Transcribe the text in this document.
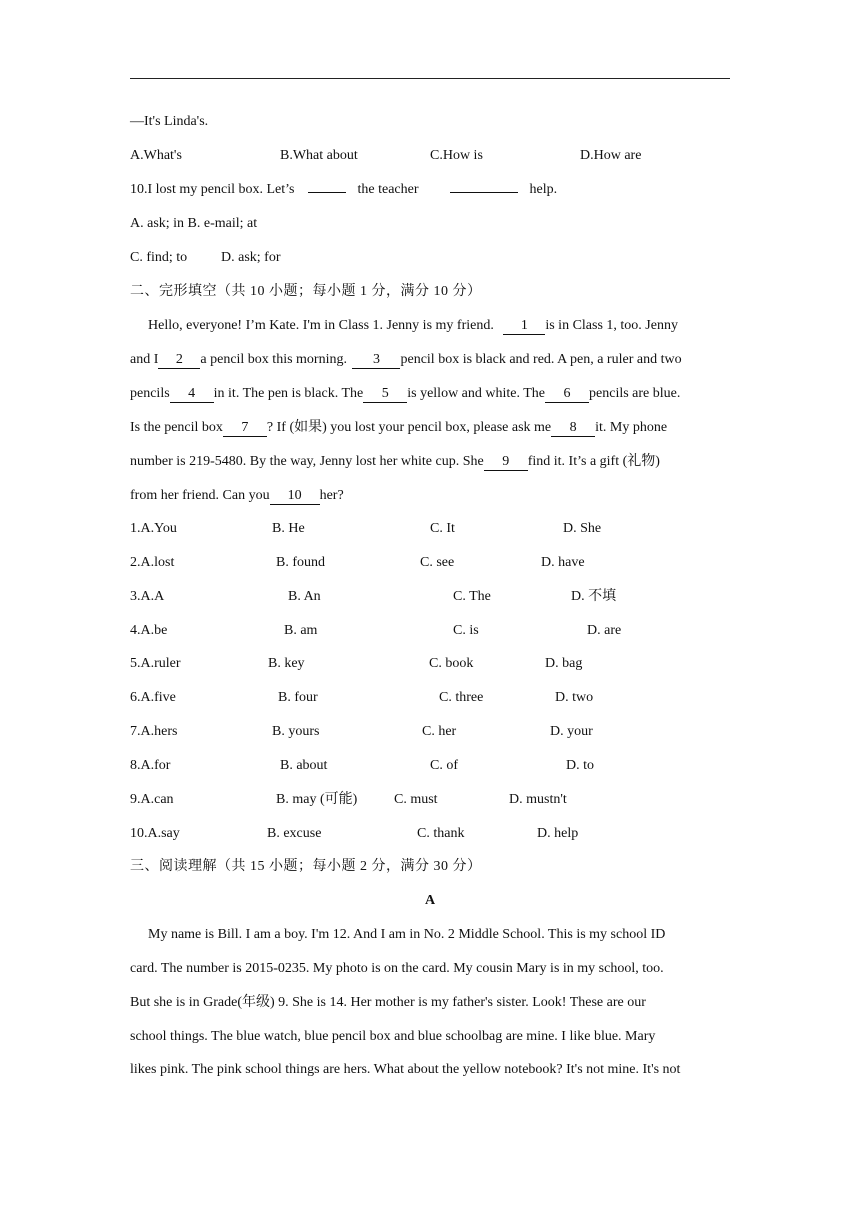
—It's Linda's.
A.What's	B.What about	C.How is	D.How are
10.I lost my pencil box. Let’s	the teacher	help.
A. ask; in B. e-mail; at
C. find; to D. ask; for
二、完形填空（共 10 小题；每小题 1 分，满分 10 分）
Hello, everyone! I’m Kate. I'm in Class 1. Jenny is my friend. 1 is in Class 1, too. Jenny
and I 2 a pencil box this morning. 3 pencil box is black and red. A pen, a ruler and two
pencils 4 in it. The pen is black. The 5 is yellow and white. The 6 pencils are blue.
Is the pencil box 7 ? If (如果) you lost your pencil box, please ask me 8 it. My phone
number is 219-5480. By the way, Jenny lost her white cup. She 9 find it. It’s a gift (礼物)
from her friend. Can you 10 her?
1.A.You	B. He	C. It	D. She
2.A.lost	B. found	C. see	D. have
3.A.A	B. An	C. The	D. 不填
4.A.be	B. am	C. is	D. are
5.A.ruler	B. key	C. book	D. bag
6.A.five	B. four	C. three	D. two
7.A.hers	B. yours	C. her	D. your
8.A.for	B. about	C. of	D. to
9.A.can	B. may (可能)	C. must	D. mustn't
10.A.say	B. excuse	C. thank	D. help
三、阅读理解（共 15 小题；每小题 2 分，满分 30 分）
A
My name is Bill. I am a boy. I'm 12. And I am in No. 2 Middle School. This is my school ID
card. The number is 2015-0235. My photo is on the card. My cousin Mary is in my school, too.
But she is in Grade(年级) 9. She is 14. Her mother is my father's sister. Look! These are our
school things. The blue watch, blue pencil box and blue schoolbag are mine. I like blue. Mary
likes pink. The pink school things are hers. What about the yellow notebook? It's not mine. It's not
